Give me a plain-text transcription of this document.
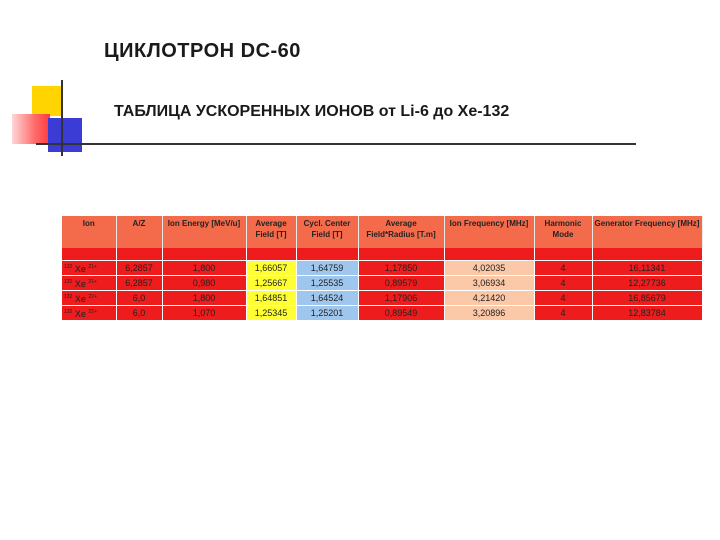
ЦИКЛОТРОН DC-60
ТАБЛИЦА УСКОРЕННЫХ ИОНОВ от Li-6 до Xe-132
Ion	A/Z	Ion Energy [MeV/u]	Average Field [T]	Cycl. Center Field [T]	Average Field*Radius [T.m]	Ion Frequency [MHz]	Harmonic Mode	Generator Frequency [MHz]

$^{132}$ Xe $^{21+}$	6,2857	1,800	1,66057	1,64759	1,17850	4,02035	4	16,11341
$^{132}$ Xe $^{21+}$	6,2857	0,980	1,25667	1,25535	0,89579	3,06934	4	12,27736
$^{132}$ Xe $^{22+}$	6,0	1,800	1,64851	1,64524	1,17906	4,21420	4	16,85679
$^{132}$ Xe $^{22+}$	6,0	1,070	1,25345	1,25201	0,89549	3,20896	4	12,83784
